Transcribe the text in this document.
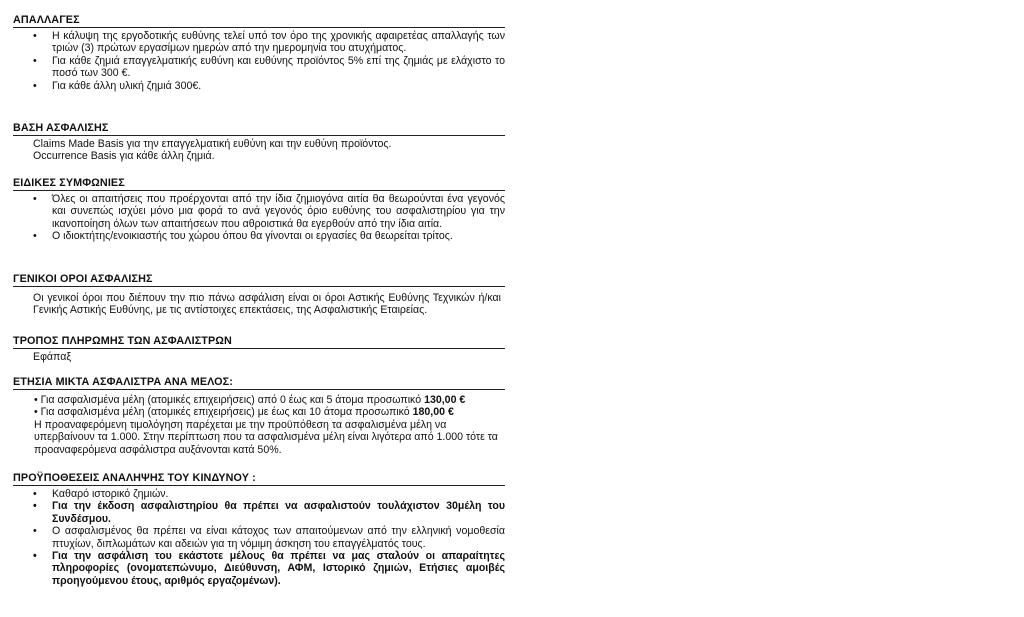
ΑΠΑΛΛΑΓΕΣ
• Η κάλυψη της εργοδοτικής ευθύνης τελεί υπό τον όρο της χρονικής αφαιρετέας απαλλαγής των τριών (3) πρώτων εργασίμων ημερών από την ημερομηνία του ατυχήματος.
• Για κάθε ζημιά επαγγελματικής ευθύνη και ευθύνης προϊόντος 5% επί της ζημιάς με ελάχιστο το ποσό των 300 €.
• Για κάθε άλλη υλική ζημιά 300€.
ΒΑΣΗ ΑΣΦΑΛΙΣΗΣ
Claims Made Basis για την επαγγελματική ευθύνη και την ευθύνη προϊόντος.
Occurrence Basis για κάθε άλλη ζημιά.
ΕΙΔΙΚΕΣ ΣΥΜΦΩΝΙΕΣ
• Όλες οι απαιτήσεις που προέρχονται από την ίδια ζημιογόνα αιτία θα θεωρούνται ένα γεγονός και συνεπώς ισχύει μόνο μια φορά το ανά γεγονός όριο ευθύνης του ασφαλιστηρίου για την ικανοποίηση όλων των απαιτήσεων που αθροιστικά θα εγερθούν από την ίδια αιτία.
• Ο ιδιοκτήτης/ενοικιαστής του χώρου όπου θα γίνονται οι εργασίες θα θεωρείται τρίτος.
ΓΕΝΙΚΟΙ ΟΡΟΙ ΑΣΦΑΛΙΣΗΣ
Οι γενικοί όροι που διέπουν την πιο πάνω ασφάλιση είναι οι όροι Αστικής Ευθύνης Τεχνικών ή/και Γενικής Αστικής Ευθύνης, με τις αντίστοιχες επεκτάσεις, της Ασφαλιστικής Εταιρείας.
ΤΡΟΠΟΣ ΠΛΗΡΩΜΗΣ ΤΩΝ ΑΣΦΑΛΙΣΤΡΩΝ
Εφάπαξ
ΕΤΗΣΙΑ ΜΙΚΤΑ ΑΣΦΑΛΙΣΤΡΑ ΑΝΑ ΜΕΛΟΣ:
• Για ασφαλισμένα μέλη (ατομικές επιχειρήσεις) από 0 έως και 5 άτομα προσωπικό 130,00 €
• Για ασφαλισμένα μέλη (ατομικές επιχειρήσεις) με έως και 10 άτομα προσωπικό 180,00 €
Η προαναφερόμενη τιμολόγηση παρέχεται με την προϋπόθεση τα ασφαλισμένα μέλη να υπερβαίνουν τα 1.000. Στην περίπτωση που τα ασφαλισμένα μέλη είναι λιγότερα από 1.000 τότε τα προαναφερόμενα ασφάλιστρα αυξάνονται κατά 50%.
ΠΡΟΫΠΟΘΕΣΕΙΣ ΑΝΑΛΗΨΗΣ ΤΟΥ ΚΙΝΔΥΝΟΥ :
• Καθαρό ιστορικό ζημιών.
• Για την έκδοση ασφαλιστηρίου θα πρέπει να ασφαλιστούν τουλάχιστον 30μέλη του Συνδέσμου.
• Ο ασφαλισμένος θα πρέπει να είναι κάτοχος των απαιτούμενων από την ελληνική νομοθεσία πτυχίων, διπλωμάτων και αδειών για τη νόμιμη άσκηση του επαγγέλματός τους.
• Για την ασφάλιση του εκάστοτε μέλους θα πρέπει να μας σταλούν οι απαραίτητες πληροφορίες (ονοματεπώνυμο, Διεύθυνση, ΑΦΜ, Ιστορικό ζημιών, Ετήσιες αμοιβές προηγούμενου έτους, αριθμός εργαζομένων).
